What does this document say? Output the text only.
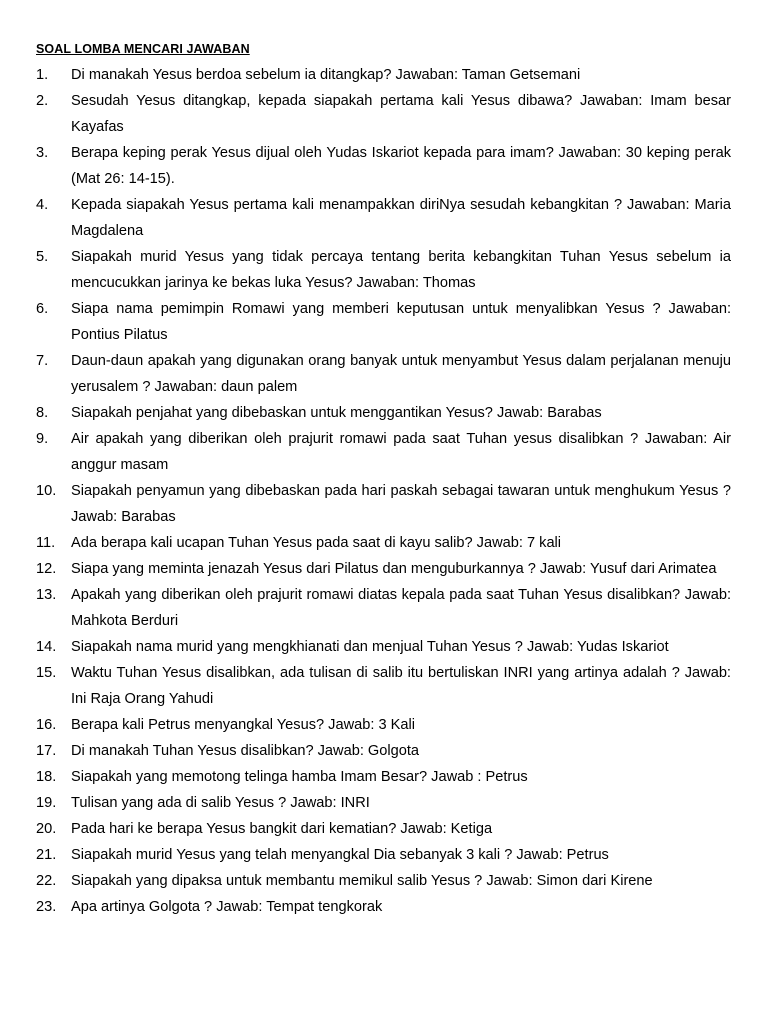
SOAL LOMBA MENCARI JAWABAN
1.	Di manakah Yesus berdoa sebelum ia ditangkap? Jawaban: Taman Getsemani
2.	Sesudah Yesus ditangkap, kepada siapakah pertama kali Yesus dibawa? Jawaban: Imam besar Kayafas
3.	Berapa keping perak Yesus dijual oleh Yudas Iskariot kepada para imam? Jawaban: 30 keping perak (Mat 26: 14-15).
4.	Kepada siapakah Yesus pertama kali menampakkan diriNya sesudah kebangkitan ? Jawaban: Maria Magdalena
5.	Siapakah murid Yesus yang tidak percaya tentang berita kebangkitan Tuhan Yesus sebelum ia mencucukkan jarinya ke bekas luka Yesus? Jawaban: Thomas
6.	Siapa nama pemimpin Romawi yang memberi keputusan untuk menyalibkan Yesus ? Jawaban: Pontius Pilatus
7.	Daun-daun apakah yang digunakan orang banyak untuk menyambut Yesus dalam perjalanan menuju yerusalem ? Jawaban: daun palem
8.	Siapakah penjahat yang dibebaskan untuk menggantikan Yesus? Jawab: Barabas
9.	Air apakah yang diberikan oleh prajurit romawi pada saat Tuhan yesus disalibkan ? Jawaban: Air anggur masam
10.	Siapakah penyamun yang dibebaskan pada hari paskah sebagai tawaran untuk menghukum Yesus ? Jawab: Barabas
11.	Ada berapa kali ucapan Tuhan Yesus pada saat di kayu salib? Jawab: 7 kali
12.	Siapa yang meminta jenazah Yesus dari Pilatus dan menguburkannya ? Jawab: Yusuf dari Arimatea
13.	Apakah yang diberikan oleh prajurit romawi diatas kepala pada saat Tuhan Yesus disalibkan? Jawab: Mahkota Berduri
14.	Siapakah nama murid yang mengkhianati dan menjual Tuhan Yesus ? Jawab: Yudas Iskariot
15.	Waktu Tuhan Yesus disalibkan, ada tulisan di salib itu bertuliskan INRI yang artinya adalah ? Jawab: Ini Raja Orang Yahudi
16.	Berapa kali Petrus menyangkal Yesus? Jawab: 3 Kali
17.	Di manakah Tuhan Yesus disalibkan? Jawab: Golgota
18.	Siapakah yang memotong telinga hamba Imam Besar? Jawab : Petrus
19.	Tulisan yang ada di salib Yesus ? Jawab: INRI
20.	Pada hari ke berapa Yesus bangkit dari kematian? Jawab: Ketiga
21.	Siapakah murid Yesus yang telah menyangkal Dia sebanyak 3 kali ? Jawab: Petrus
22.	Siapakah yang dipaksa untuk membantu memikul salib Yesus ? Jawab: Simon dari Kirene
23.	Apa artinya Golgota ? Jawab: Tempat tengkorak
